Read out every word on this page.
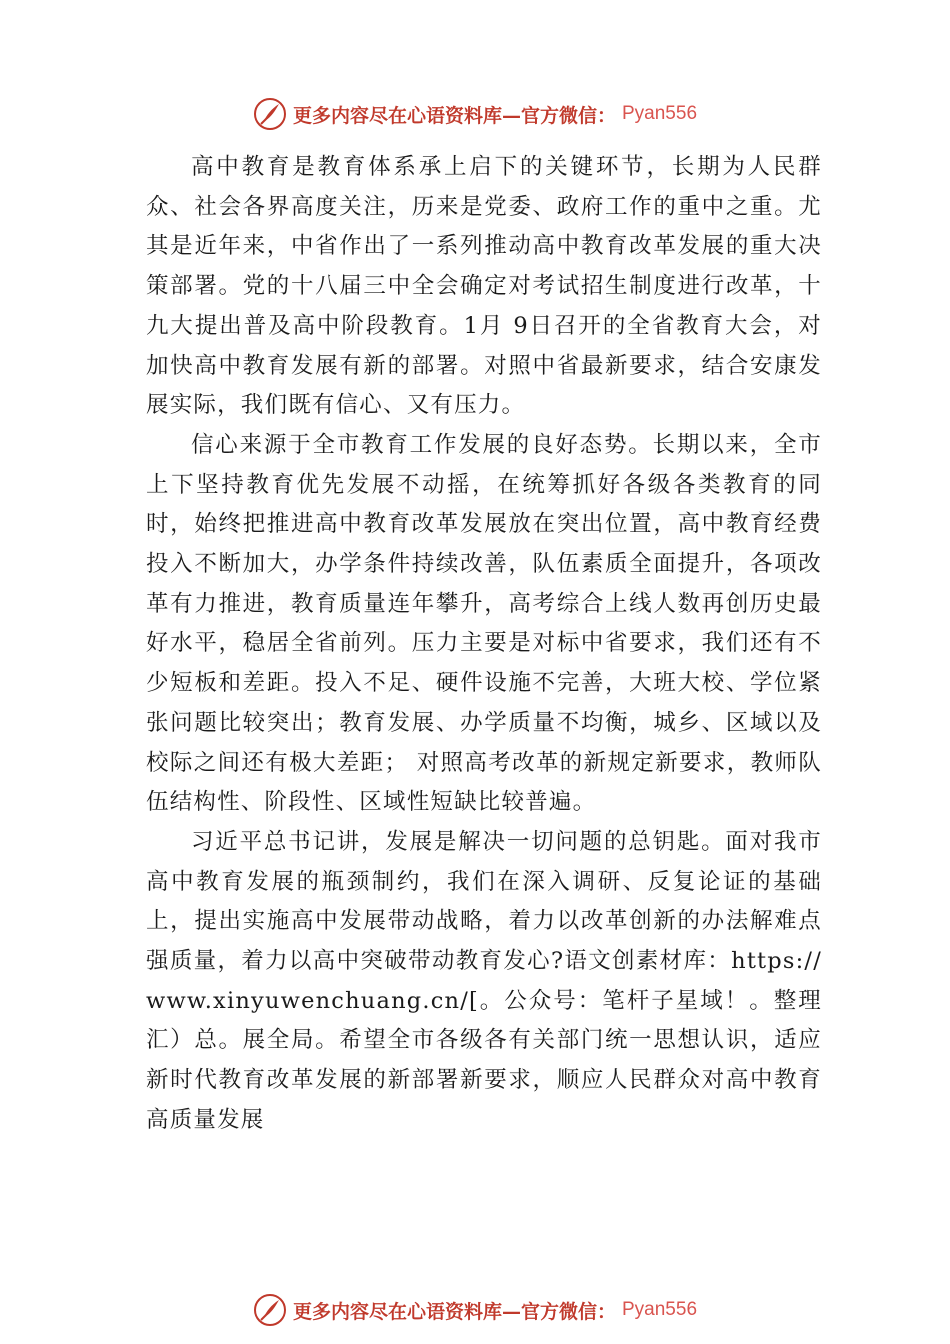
更多内容尽在心语资料库—官方微信： Pyan556

高中教育是教育体系承上启下的关键环节，长期为人民群众、社会各界高度关注，历来是党委、政府工作的重中之重。尤其是近年来，中省作出了一系列推动高中教育改革发展的重大决策部署。党的十八届三中全会确定对考试招生制度进行改革，十九大提出普及高中阶段教育。1月 9日召开的全省教育大会，对加快高中教育发展有新的部署。对照中省最新要求，结合安康发展实际，我们既有信心、又有压力。

信心来源于全市教育工作发展的良好态势。长期以来，全市上下坚持教育优先发展不动摇，在统筹抓好各级各类教育的同时，始终把推进高中教育改革发展放在突出位置，高中教育经费投入不断加大，办学条件持续改善，队伍素质全面提升，各项改革有力推进，教育质量连年攀升，高考综合上线人数再创历史最好水平，稳居全省前列。压力主要是对标中省要求，我们还有不少短板和差距。投入不足、硬件设施不完善，大班大校、学位紧张问题比较突出；教育发展、办学质量不均衡，城乡、区域以及校际之间还有极大差距； 对照高考改革的新规定新要求，教师队伍结构性、阶段性、区域性短缺比较普遍。

习近平总书记讲，发展是解决一切问题的总钥匙。面对我市高中教育发展的瓶颈制约，我们在深入调研、反复论证的基础上，提出实施高中发展带动战略，着力以改革创新的办法解难点强质量，着力以高中突破带动教育发心?语文创素材库：https://www.xinyuwenchuang.cn/[。公众号：笔杆子星域！。整理汇）总。展全局。希望全市各级各有关部门统一思想认识，适应新时代教育改革发展的新部署新要求，顺应人民群众对高中教育高质量发展

更多内容尽在心语资料库—官方微信： Pyan556
